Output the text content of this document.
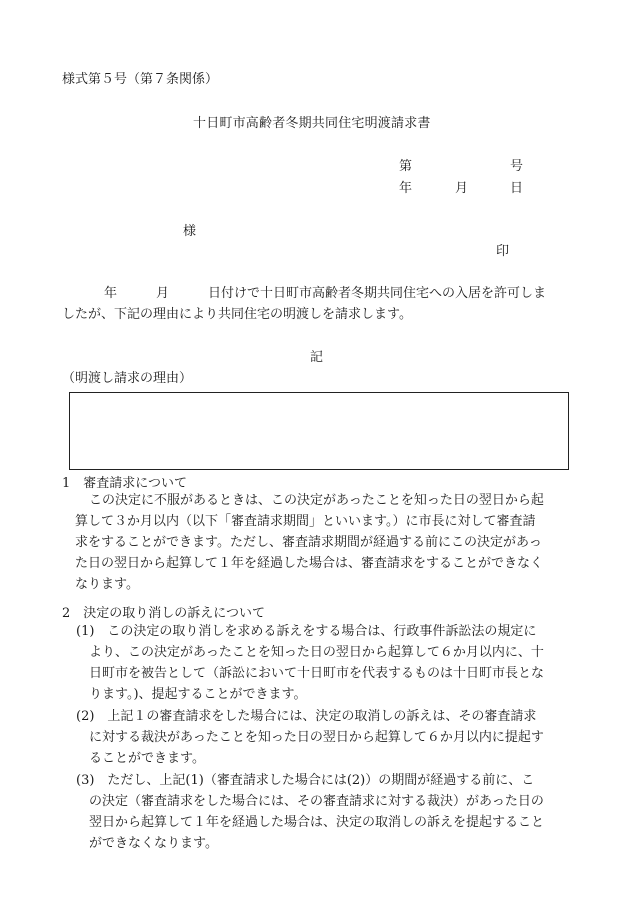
様式第５号（第７条関係）
十日町市高齢者冬期共同住宅明渡請求書
第	号
年	月	日
様
印
年	月	日付けで十日町市高齢者冬期共同住宅への入居を許可しま
したが、下記の理由により共同住宅の明渡しを請求します。
記
（明渡し請求の理由）
1　審査請求について
この決定に不服があるときは、この決定があったことを知った日の翌日から起
算して３か月以内（以下「審査請求期間」といいます。）に市長に対して審査請
求をすることができます。ただし、審査請求期間が経過する前にこの決定があっ
た日の翌日から起算して１年を経過した場合は、審査請求をすることができなく
なります。
2　決定の取り消しの訴えについて
(1)　この決定の取り消しを求める訴えをする場合は、行政事件訴訟法の規定に
より、この決定があったことを知った日の翌日から起算して６か月以内に、十
日町市を被告として（訴訟において十日町市を代表するものは十日町市長とな
ります。)、提起することができます。
(2)　上記１の審査請求をした場合には、決定の取消しの訴えは、その審査請求
に対する裁決があったことを知った日の翌日から起算して６か月以内に提起す
ることができます。
(3)　ただし、上記(1)（審査請求した場合には(2)）の期間が経過する前に、こ
の決定（審査請求をした場合には、その審査請求に対する裁決）があった日の
翌日から起算して１年を経過した場合は、決定の取消しの訴えを提起すること
ができなくなります。
